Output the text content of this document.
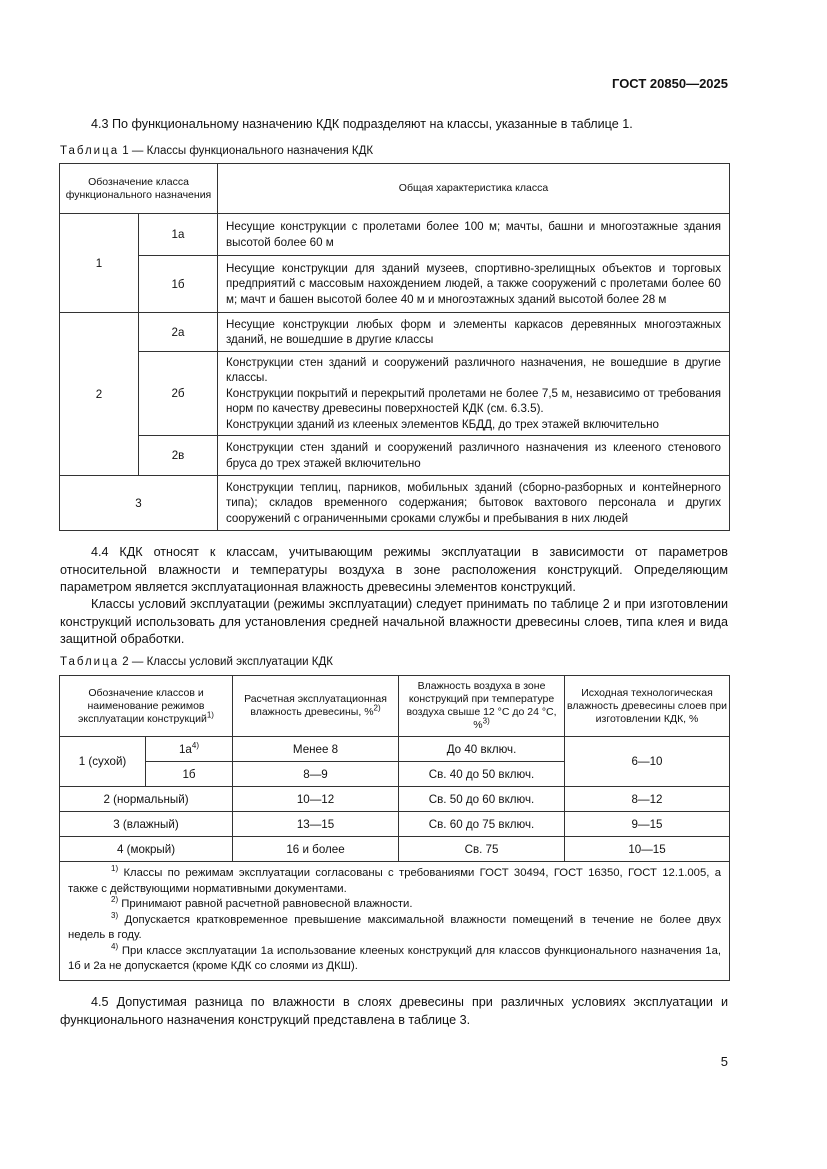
ГОСТ 20850—2025
4.3 По функциональному назначению КДК подразделяют на классы, указанные в таблице 1.
Таблица 1 — Классы функционального назначения КДК
Обозначение класса функционального назначения		Общая характеристика класса
1	1а	Несущие конструкции с пролетами более 100 м; мачты, башни и многоэтажные здания высотой более 60 м
	1б	Несущие конструкции для зданий музеев, спортивно-зрелищных объектов и торговых предприятий с массовым нахождением людей, а также сооружений с пролетами более 60 м; мачт и башен высотой более 40 м и многоэтажных зданий высотой более 28 м
2	2а	Несущие конструкции любых форм и элементы каркасов деревянных многоэтажных зданий, не вошедшие в другие классы
	2б	Конструкции стен зданий и сооружений различного назначения, не вошедшие в другие классы.
Конструкции покрытий и перекрытий пролетами не более 7,5 м, независимо от требования норм по качеству древесины поверхностей КДК (см. 6.3.5).
Конструкции зданий из клееных элементов КБДД, до трех этажей включительно

	2в	Конструкции стен зданий и сооружений различного назначения из клееного стенового бруса до трех этажей включительно
3		Конструкции теплиц, парников, мобильных зданий (сборно-разборных и контейнерного типа); складов временного содержания; бытовок вахтового персонала и других сооружений с ограниченными сроками службы и пребывания в них людей
4.4 КДК относят к классам, учитывающим режимы эксплуатации в зависимости от параметров относительной влажности и температуры воздуха в зоне расположения конструкций. Определяющим параметром является эксплуатационная влажность древесины элементов конструкций.
Классы условий эксплуатации (режимы эксплуатации) следует принимать по таблице 2 и при изготовлении конструкций использовать для установления средней начальной влажности древесины слоев, типа клея и вида защитной обработки.
Таблица 2 — Классы условий эксплуатации КДК
Обозначение классов и наименование режимов эксплуатации конструкций$^{1)}$		Расчетная эксплуатационная влажность древесины, %$^{2)}$	Влажность воздуха в зоне конструкций при температуре воздуха свыше 12 °С до 24 °С, %$^{3)}$	Исходная технологическая влажность древесины слоев при изготовлении КДК, %
1 (сухой)	$1а^{4)}$	Менее 8	До 40 включ.	6—10
	1б	8—9	Св. 40 до 50 включ.	
2 (нормальный)		10—12	Св. 50 до 60 включ.	8—12
3 (влажный)		13—15	Св. 60 до 75 включ.	9—15
4 (мокрый)		16 и более	Св. 75	10—15

$^{1)}$ Классы по режимам эксплуатации согласованы с требованиями ГОСТ 30494, ГОСТ 16350, ГОСТ 12.1.005, а также с действующими нормативными документами.
$^{2)}$ Принимают равной расчетной равновесной влажности.
$^{3)}$ Допускается кратковременное превышение максимальной влажности помещений в течение не более двух недель в году.
$^{4)}$ При классе эксплуатации 1а использование клееных конструкций для классов функционального назначения 1а, 1б и 2а не допускается (кроме КДК со слоями из ДКШ).				
4.5 Допустимая разница по влажности в слоях древесины при различных условиях эксплуатации и функционального назначения конструкций представлена в таблице 3.
5
